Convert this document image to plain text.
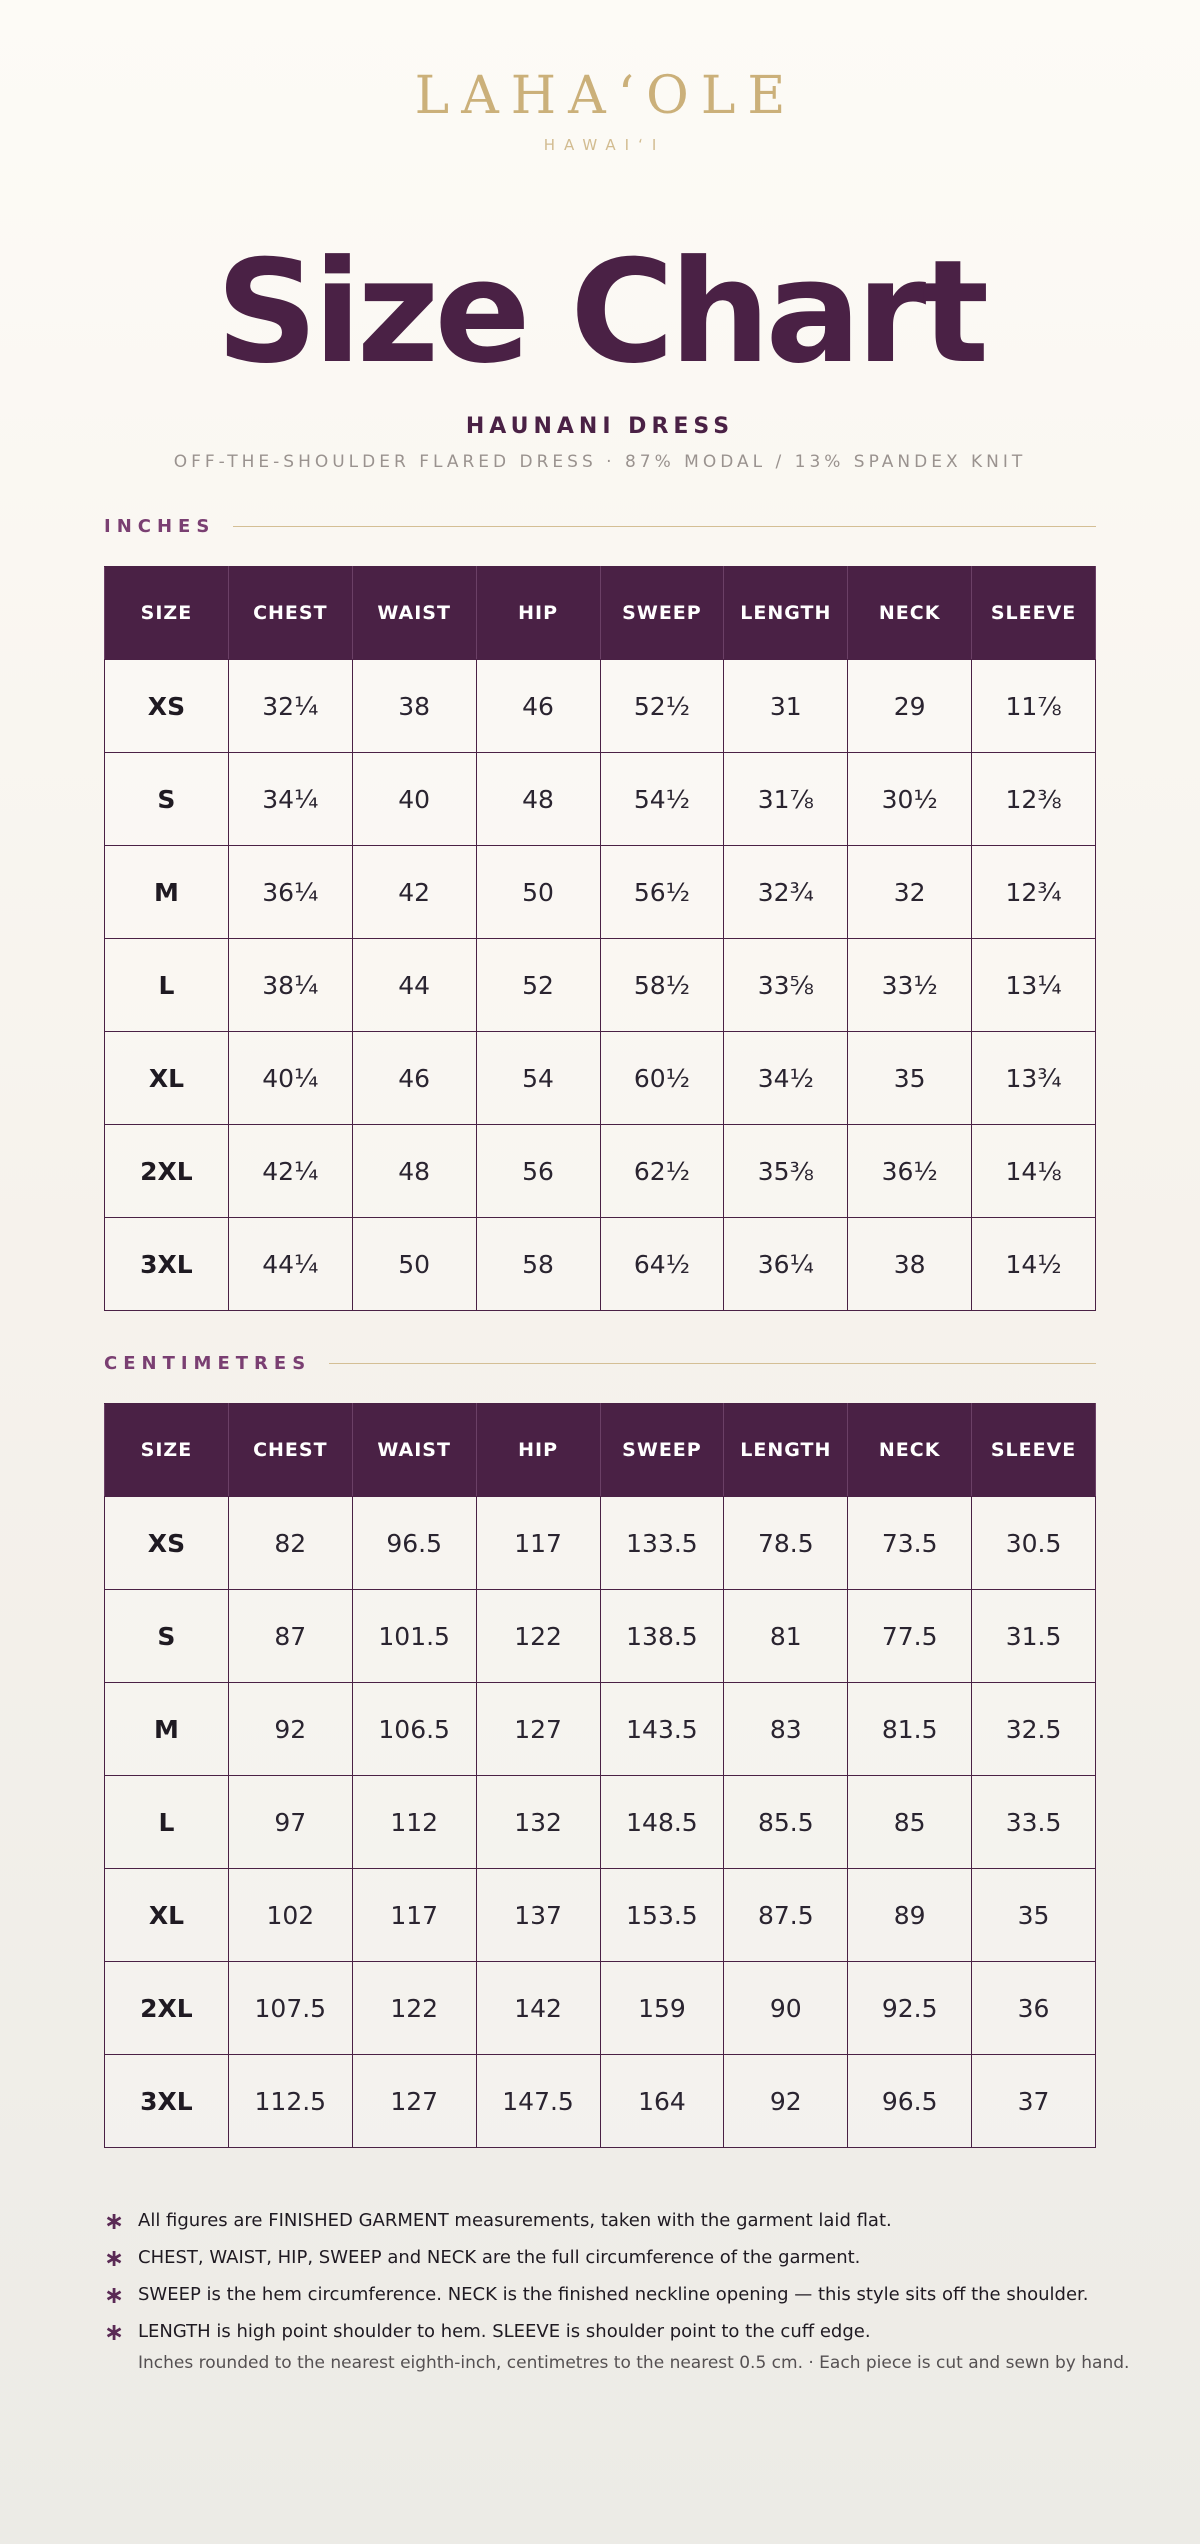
LAHAʻOLE
HAWAIʻI
Size Chart
HAUNANI DRESS
OFF-THE-SHOULDER FLARED DRESS · 87% MODAL / 13% SPANDEX KNIT
INCHES
SIZE	CHEST	WAIST	HIP	SWEEP	LENGTH	NECK	SLEEVE
XS	32¼	38	46	52½	31	29	11⅞
S	34¼	40	48	54½	31⅞	30½	12⅜
M	36¼	42	50	56½	32¾	32	12¾
L	38¼	44	52	58½	33⅝	33½	13¼
XL	40¼	46	54	60½	34½	35	13¾
2XL	42¼	48	56	62½	35⅜	36½	14⅛
3XL	44¼	50	58	64½	36¼	38	14½
CENTIMETRES
SIZE	CHEST	WAIST	HIP	SWEEP	LENGTH	NECK	SLEEVE
XS	82	96.5	117	133.5	78.5	73.5	30.5
S	87	101.5	122	138.5	81	77.5	31.5
M	92	106.5	127	143.5	83	81.5	32.5
L	97	112	132	148.5	85.5	85	33.5
XL	102	117	137	153.5	87.5	89	35
2XL	107.5	122	142	159	90	92.5	36
3XL	112.5	127	147.5	164	92	96.5	37
∗ All figures are FINISHED GARMENT measurements, taken with the garment laid flat.
∗ CHEST, WAIST, HIP, SWEEP and NECK are the full circumference of the garment.
∗ SWEEP is the hem circumference. NECK is the finished neckline opening — this style sits off the shoulder.
∗ LENGTH is high point shoulder to hem. SLEEVE is shoulder point to the cuff edge.
Inches rounded to the nearest eighth-inch, centimetres to the nearest 0.5 cm. · Each piece is cut and sewn by hand.
